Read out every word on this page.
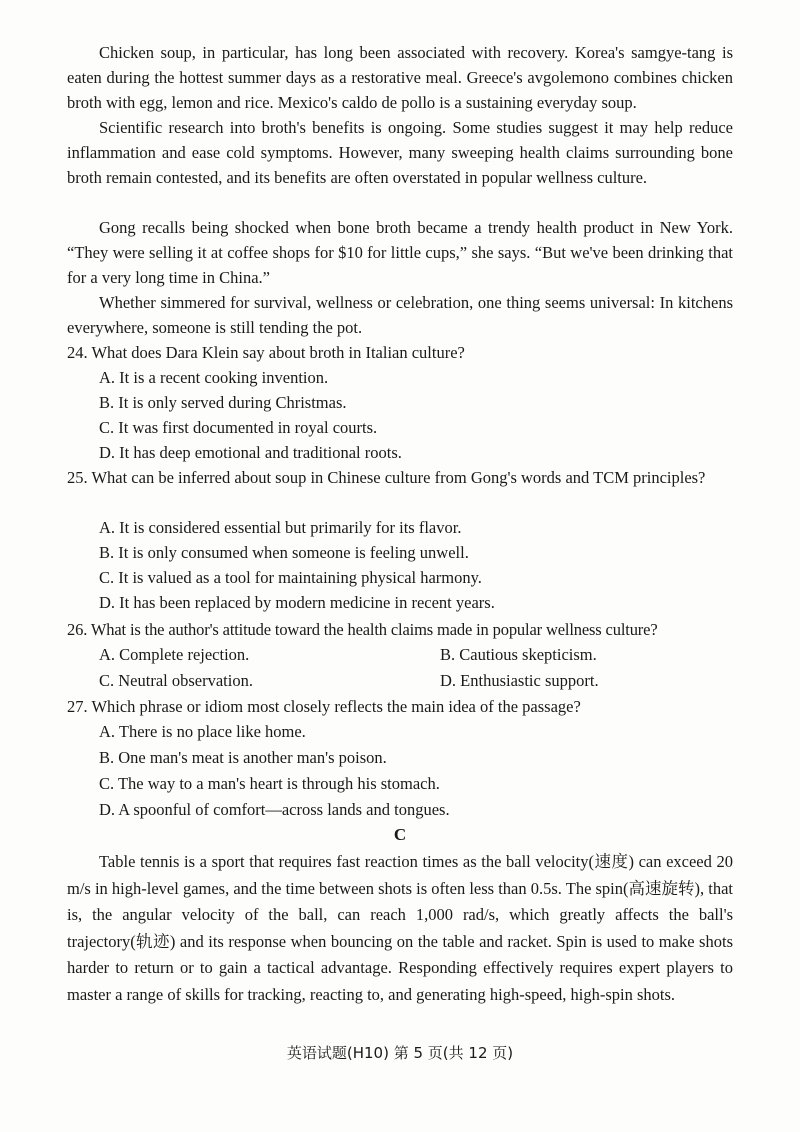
Chicken soup, in particular, has long been associated with recovery. Korea's samgye-tang is eaten during the hottest summer days as a restorative meal. Greece's avgolemono combines chicken broth with egg, lemon and rice. Mexico's caldo de pollo is a sustaining everyday soup.

Scientific research into broth's benefits is ongoing. Some studies suggest it may help reduce inflammation and ease cold symptoms. However, many sweeping health claims surrounding bone broth remain contested, and its benefits are often overstated in popular wellness culture.

Gong recalls being shocked when bone broth became a trendy health product in New York. “They were selling it at coffee shops for $10 for little cups,” she says. “But we've been drinking that for a very long time in China.”

Whether simmered for survival, wellness or celebration, one thing seems universal: In kitchens everywhere, someone is still tending the pot.

24. What does Dara Klein say about broth in Italian culture?
A. It is a recent cooking invention.
B. It is only served during Christmas.
C. It was first documented in royal courts.
D. It has deep emotional and traditional roots.
25. What can be inferred about soup in Chinese culture from Gong's words and TCM principles?
A. It is considered essential but primarily for its flavor.
B. It is only consumed when someone is feeling unwell.
C. It is valued as a tool for maintaining physical harmony.
D. It has been replaced by modern medicine in recent years.
26. What is the author's attitude toward the health claims made in popular wellness culture?
A. Complete rejection.	B. Cautious skepticism.
C. Neutral observation.	D. Enthusiastic support.
27. Which phrase or idiom most closely reflects the main idea of the passage?
A. There is no place like home.
B. One man's meat is another man's poison.
C. The way to a man's heart is through his stomach.
D. A spoonful of comfort—across lands and tongues.
C

Table tennis is a sport that requires fast reaction times as the ball velocity(速度) can exceed 20 m/s in high-level games, and the time between shots is often less than 0.5s. The spin(高速旋转), that is, the angular velocity of the ball, can reach 1,000 rad/s, which greatly affects the ball's trajectory(轨迹) and its response when bouncing on the table and racket. Spin is used to make shots harder to return or to gain a tactical advantage. Responding effectively requires expert players to master a range of skills for tracking, reacting to, and generating high-speed, high-spin shots.

英语试题(H10) 第 5 页(共 12 页)
